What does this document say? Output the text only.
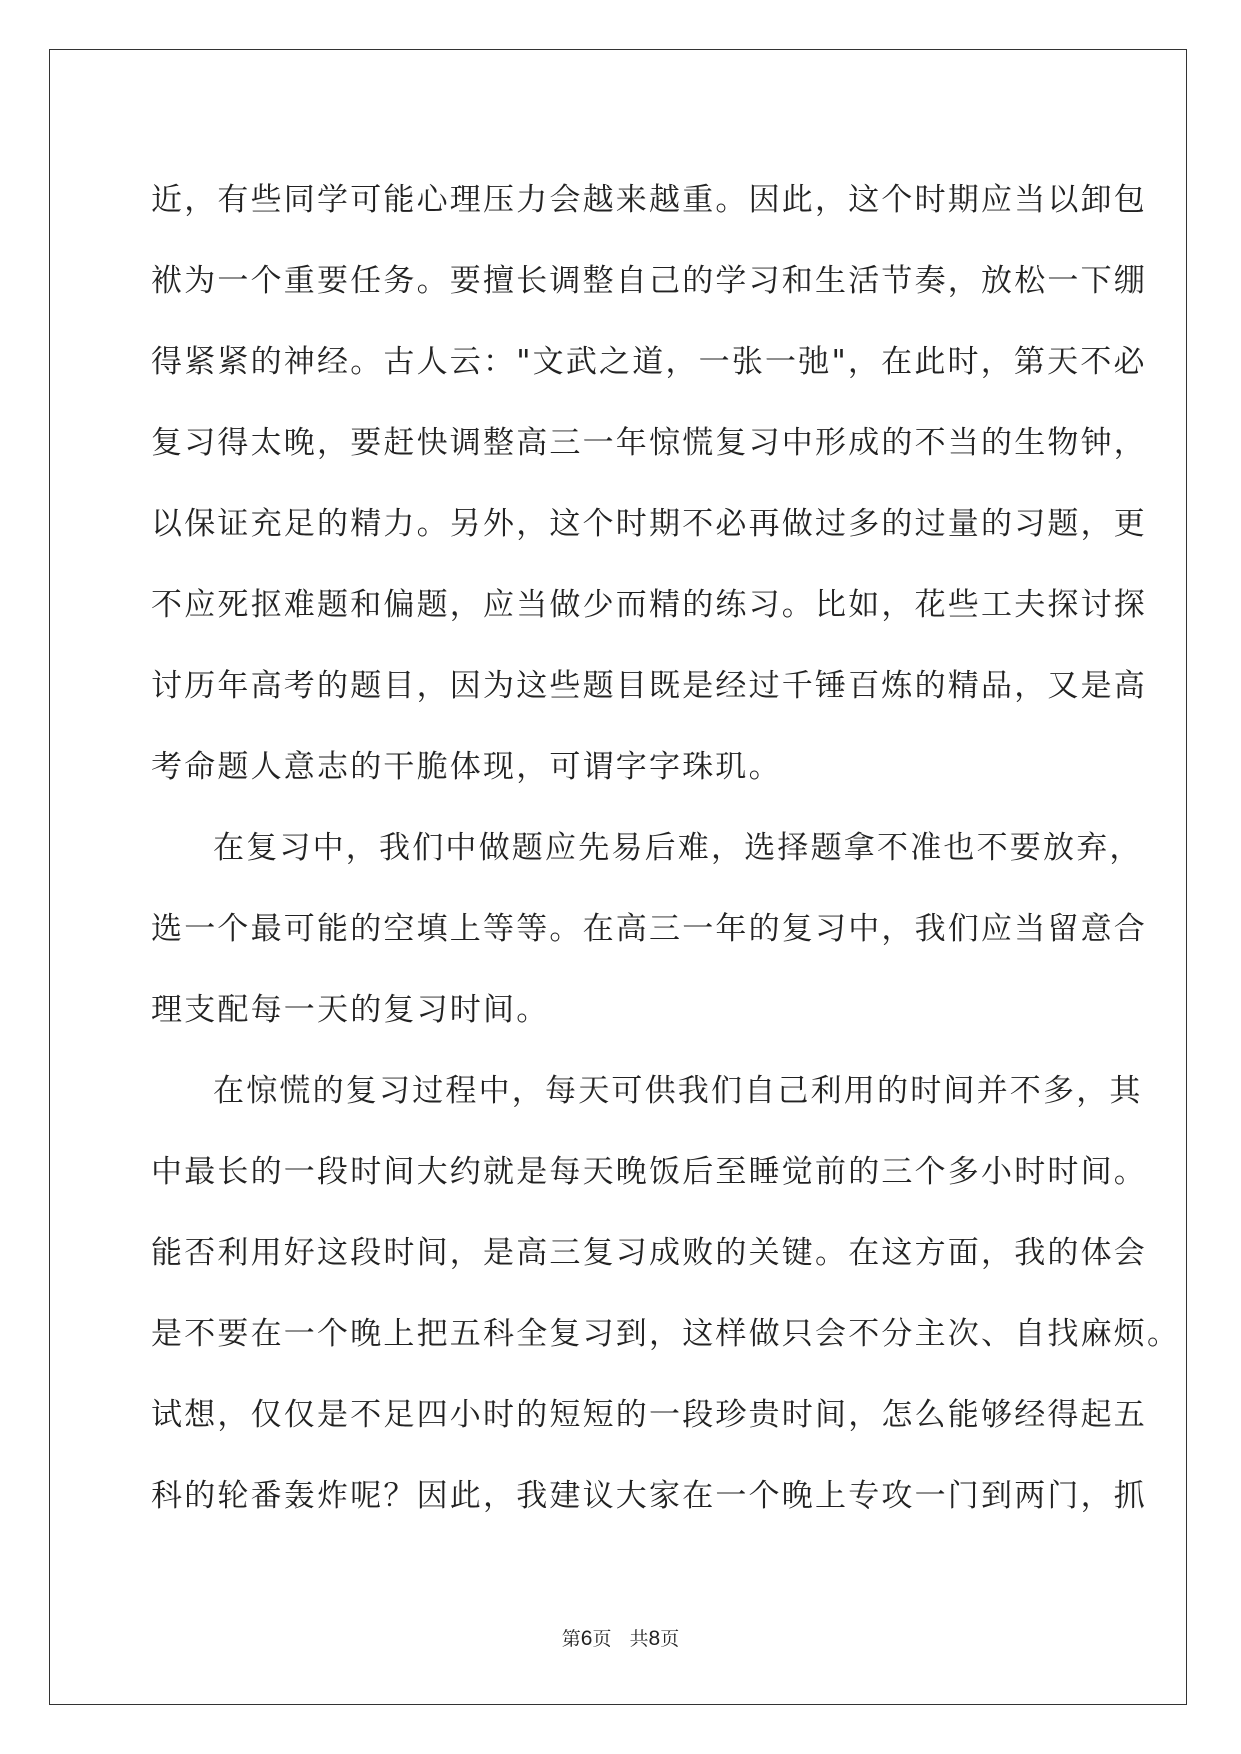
近，有些同学可能心理压力会越来越重。因此，这个时期应当以卸包
袱为一个重要任务。要擅长调整自己的学习和生活节奏，放松一下绷
得紧紧的神经。古人云："文武之道，一张一弛"，在此时，第天不必
复习得太晚，要赶快调整高三一年惊慌复习中形成的不当的生物钟，
以保证充足的精力。另外，这个时期不必再做过多的过量的习题，更
不应死抠难题和偏题，应当做少而精的练习。比如，花些工夫探讨探
讨历年高考的题目，因为这些题目既是经过千锤百炼的精品，又是高
考命题人意志的干脆体现，可谓字字珠玑。
在复习中，我们中做题应先易后难，选择题拿不准也不要放弃，
选一个最可能的空填上等等。在高三一年的复习中，我们应当留意合
理支配每一天的复习时间。
在惊慌的复习过程中，每天可供我们自己利用的时间并不多，其
中最长的一段时间大约就是每天晚饭后至睡觉前的三个多小时时间。
能否利用好这段时间，是高三复习成败的关键。在这方面，我的体会
是不要在一个晚上把五科全复习到，这样做只会不分主次、自找麻烦。
试想，仅仅是不足四小时的短短的一段珍贵时间，怎么能够经得起五
科的轮番轰炸呢？因此，我建议大家在一个晚上专攻一门到两门，抓
第6页 共8页
